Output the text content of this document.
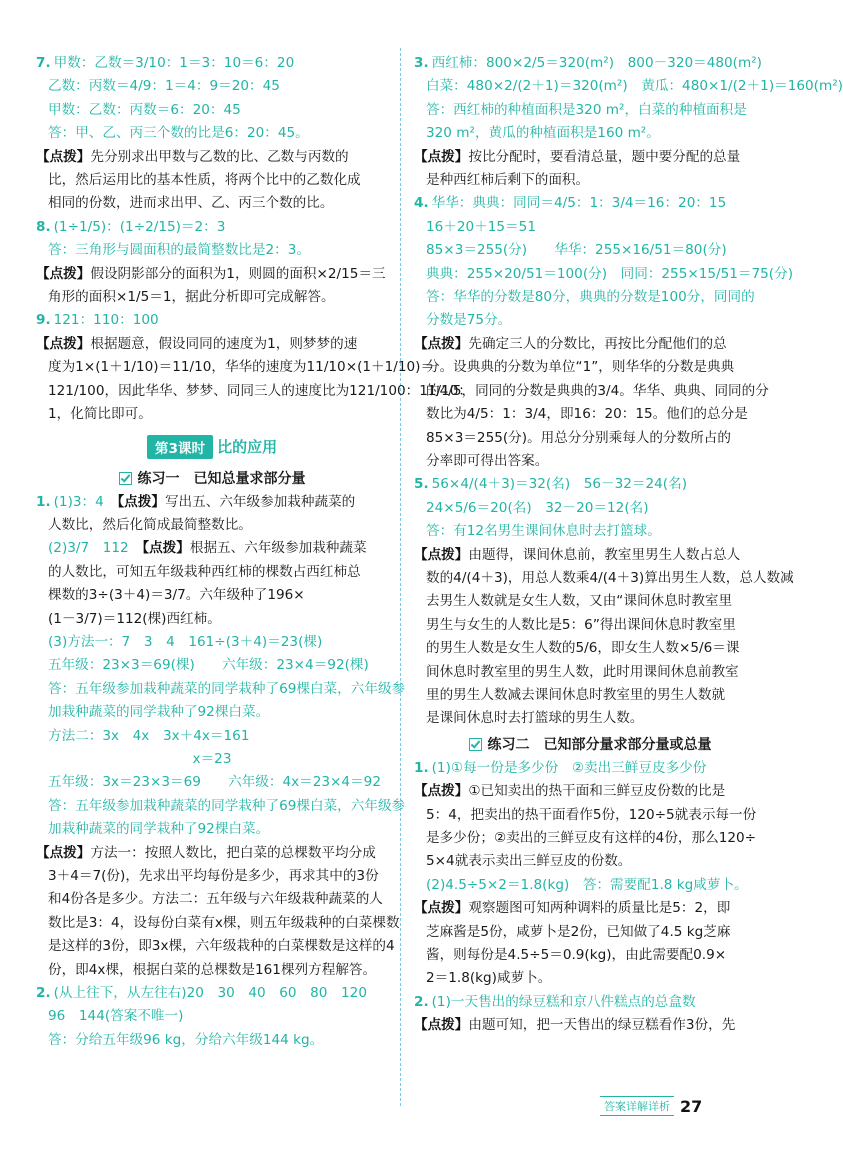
7. 甲数：乙数＝3/10：1＝3：10＝6：20
乙数：丙数＝4/9：1＝4：9＝20：45
甲数：乙数：丙数＝6：20：45
答：甲、乙、丙三个数的比是6：20：45。
【点拨】先分别求出甲数与乙数的比、乙数与丙数的
比，然后运用比的基本性质，将两个比中的乙数化成
相同的份数，进而求出甲、乙、丙三个数的比。
8. (1÷1/5)：(1÷2/15)＝2：3
答：三角形与圆面积的最简整数比是2：3。
【点拨】假设阴影部分的面积为1，则圆的面积×2/15＝三
角形的面积×1/5＝1，据此分析即可完成解答。
9. 121：110：100
【点拨】根据题意，假设同同的速度为1，则梦梦的速
度为1×(1＋1/10)＝11/10，华华的速度为11/10×(1＋1/10)＝
121/100，因此华华、梦梦、同同三人的速度比为121/100：11/10：
1，化简比即可。
第3课时 比的应用
练习一　已知总量求部分量
1. (1)3：4　【点拨】写出五、六年级参加栽种蔬菜的
人数比，然后化简成最简整数比。
(2)3/7　112　【点拨】根据五、六年级参加栽种蔬菜
的人数比，可知五年级栽种西红柿的棵数占西红柿总
棵数的3÷(3＋4)＝3/7。六年级种了196×
(1－3/7)＝112(棵)西红柿。
(3)方法一：7　3　4　161÷(3＋4)＝23(棵)
五年级：23×3＝69(棵)　　六年级：23×4＝92(棵)
答：五年级参加栽种蔬菜的同学栽种了69棵白菜，六年级参
加栽种蔬菜的同学栽种了92棵白菜。
方法二：3x　4x　3x＋4x＝161
x＝23
五年级：3x＝23×3＝69　　六年级：4x＝23×4＝92
答：五年级参加栽种蔬菜的同学栽种了69棵白菜，六年级参
加栽种蔬菜的同学栽种了92棵白菜。
【点拨】方法一：按照人数比，把白菜的总棵数平均分成
3＋4＝7(份)，先求出平均每份是多少，再求其中的3份
和4份各是多少。方法二：五年级与六年级栽种蔬菜的人
数比是3：4，设每份白菜有x棵，则五年级栽种的白菜棵数
是这样的3份，即3x棵，六年级栽种的白菜棵数是这样的4
份，即4x棵，根据白菜的总棵数是161棵列方程解答。
2. (从上往下，从左往右)20　30　40　60　80　120
96　144(答案不唯一)
答：分给五年级96 kg，分给六年级144 kg。
3. 西红柿：800×2/5＝320(m²)　800－320＝480(m²)
白菜：480×2/(2＋1)＝320(m²)　黄瓜：480×1/(2＋1)＝160(m²)
答：西红柿的种植面积是320 m²，白菜的种植面积是
320 m²，黄瓜的种植面积是160 m²。
【点拨】按比分配时，要看清总量，题中要分配的总量
是种西红柿后剩下的面积。
4. 华华：典典：同同＝4/5：1：3/4＝16：20：15
16＋20＋15＝51
85×3＝255(分)　　华华：255×16/51＝80(分)
典典：255×20/51＝100(分)　同同：255×15/51＝75(分)
答：华华的分数是80分，典典的分数是100分，同同的
分数是75分。
【点拨】先确定三人的分数比，再按比分配他们的总
分。设典典的分数为单位“1”，则华华的分数是典典
的4/5，同同的分数是典典的3/4。华华、典典、同同的分
数比为4/5：1：3/4，即16：20：15。他们的总分是
85×3＝255(分)。用总分分别乘每人的分数所占的
分率即可得出答案。
5. 56×4/(4＋3)＝32(名)　56－32＝24(名)
24×5/6＝20(名)　32－20＝12(名)
答：有12名男生课间休息时去打篮球。
【点拨】由题得，课间休息前，教室里男生人数占总人
数的4/(4＋3)，用总人数乘4/(4＋3)算出男生人数，总人数减
去男生人数就是女生人数，又由“课间休息时教室里
男生与女生的人数比是5：6”得出课间休息时教室里
的男生人数是女生人数的5/6，即女生人数×5/6＝课
间休息时教室里的男生人数，此时用课间休息前教室
里的男生人数减去课间休息时教室里的男生人数就
是课间休息时去打篮球的男生人数。
练习二　已知部分量求部分量或总量
1. (1)①每一份是多少份　②卖出三鲜豆皮多少份
【点拨】①已知卖出的热干面和三鲜豆皮份数的比是
5：4，把卖出的热干面看作5份，120÷5就表示每一份
是多少份；②卖出的三鲜豆皮有这样的4份，那么120÷
5×4就表示卖出三鲜豆皮的份数。
(2)4.5÷5×2＝1.8(kg)　答：需要配1.8 kg咸萝卜。
【点拨】观察题图可知两种调料的质量比是5：2，即
芝麻酱是5份，咸萝卜是2份，已知做了4.5 kg芝麻
酱，则每份是4.5÷5＝0.9(kg)，由此需要配0.9×
2＝1.8(kg)咸萝卜。
2. (1)一天售出的绿豆糕和京八件糕点的总盒数
【点拨】由题可知，把一天售出的绿豆糕看作3份，先
答案详解详析 27
